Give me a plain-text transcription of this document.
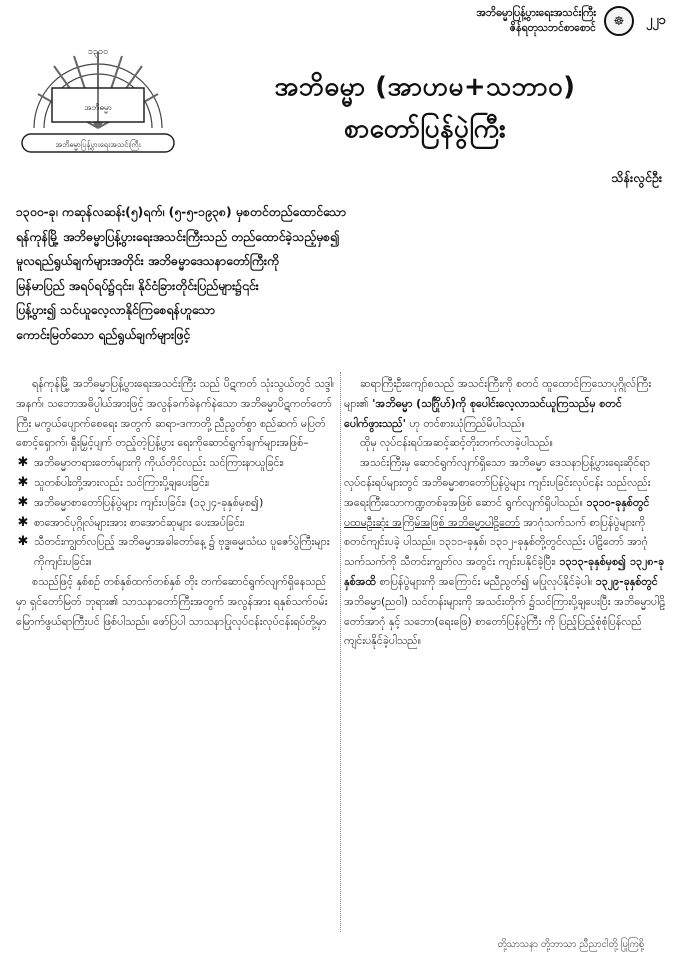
အဘိဓမ္မာပြန့်ပွားရေးအသင်းကြီး
ဇိန်ရတုသဘင်စာစောင်	☸	၂၂၁
၁၃၀၀
အဘိဓမ္မာ
အဘိဓမ္မာပြန့်ပွားရေးအသင်းကြီး
အဘိဓမ္မာ (အာဟမ+သဘာဝ)
စာတော်ပြန်ပွဲကြီး
သိန်းလွင်ဦး
၁၃၀၀-ခု၊ ကဆုန်လဆန်း(၅)ရက်၊ (၅-၅-၁၉၃၈) မှစတင်တည်ထောင်သော
ရန်ကုန်မြို့ အဘိဓမ္မာပြန့်ပွားရေးအသင်းကြီးသည် တည်ထောင်ခဲ့သည့်မှစ၍
မူလရည်ရွယ်ချက်များအတိုင်း အဘိဓမ္မာဒေသနာတော်ကြီးကို
မြန်မာပြည် အရပ်ရပ်၌၎င်း၊ နိုင်ငံခြားတိုင်းပြည်များ၌၎င်း
ပြန့်ပွား၍ သင်ယူလေ့လာနိုင်ကြစေရန်ဟူသော
ကောင်းမြတ်သော ရည်ရွယ်ချက်များဖြင့်

ရန်ကုန်မြို့ အဘိဓမ္မာပြန့်ပွားရေးအသင်းကြီး သည် ပိဋကတ် သုံးသွယ်တွင် သဒ္ဒါ၊ အနက်၊ သဘောအဓိပ္ပါယ်အားဖြင့် အလွန်ခက်ခဲနက်နဲသော အဘိဓမ္မာပိဋကတ်တော်ကြီး မကွယ်ပျောက်စေရေး အတွက် ဆရာ-ဒကာတို့ ညီညွတ်စွာ စည်ဆက် မပြတ် စောင့်ရှောက်၊ ရှီးမြှင့်ပျက် တည့်တဲ့ပြန့်ပွား ရေးကိုဆောင်ရွက်ချက်များအဖြစ်–

✱ အဘိဓမ္မာတရားတော်များကို ကိုယ်တိုင်လည်း သင်ကြားနာယူခြင်း၊
✱ သူတစ်ပါးတို့အားလည်း သင်ကြားပို့ချပေးခြင်း၊
✱ အဘိဓမ္မာစာတော်ပြန်ပွဲများ ကျင်းပခြင်း၊ (၁၃၂၄-ခုနှစ်မှစ၍)
✱ စာအောင်ပုဂ္ဂိုလ်များအား စာအောင်ဆုများ ပေးအပ်ခြင်း၊
✱ သီတင်းကျွတ်လပြည့် အဘိဓမ္မာအခါတော်နေ့ ၌ ဗုဒ္ဓ၊ဓမ္မ၊သံဃ ပူဇော်ပွဲကြီးများကိုကျင်းပခြင်း။

စသည်ဖြင့် နှစ်စဉ် တစ်နှစ်ထက်တစ်နှစ် တိုး တက်ဆောင်ရွက်လျက်ရှိနေသည်မှာ ရှင်တော်မြတ် ဘုရား၏ သာသနာတော်ကြီးအတွက် အလွန်အား ရနှစ်သက်ဝမ်း မြောက်ဖွယ်ရာကြီးပင် ဖြစ်ပါသည်။ ဖော်ပြပါ သာသနာပြုလုပ်ငန်းလုပ်ငန်းရပ်တို့မှာ

ဆရာကြီးဦးကျော်စသည် အသင်းကြီးကို စတင် ထူထောင်ကြသောပုဂ္ဂိုလ်ကြီးများ၏ 'အဘိဓမ္မာ (သင်္ဂြိုဟ်)ကို စုပေါင်းလေ့လာသင်ယူကြသည်မှ စတင်ပေါက်ဖွားသည်' ဟု တင်စားယုံကြည်မိပါသည်။

ထိုမှ လုပ်ငန်းရပ်အဆင့်ဆင့်တိုးတက်လာခဲ့ပါသည်။

အသင်းကြီးမှ ဆောင်ရွက်လျက်ရှိသော အဘိဓမ္မာ ဒေသနာပြန့်ပွားရေးဆိုင်ရာ လုပ်ငန်းရပ်များတွင် အဘိဓမ္မာစာတော်ပြန်ပွဲများ ကျင်းပခြင်းလုပ်ငန်း သည်လည်း အရေးကြီးသောကဏ္ဍတစ်ခုအဖြစ် ဆောင် ရွက်လျက်ရှိပါသည်။ ၁၃၁၀-ခုနှစ်တွင် ပထမဦးဆုံး အကြိမ်အဖြစ် အဘိဓမ္မာပါဠိတော် အာဂုံသက်သက် စာပြန်ပွဲများကို စတင်ကျင်းပခဲ့ ပါသည်။ ၁၃၁၁-ခုနှစ်၊ ၁၃၁၂-ခုနှစ်တို့တွင်လည်း ပါဠိတော် အာဂုံသက်သက်ကို သီတင်းကျွတ်လ အတွင်း ကျင်းပနိုင်ခဲ့ပြီး၊ ၁၃၁၃-ခုနှစ်မှစ၍ ၁၃၂၈-ခုနှစ်အထိ စာပြန်ပွဲများကို အကြောင်း မညီညွတ်၍ မပြုလုပ်နိုင်ခဲ့ပါ။ ၁၃၂၉-ခုနှစ်တွင် အဘိဓမ္မာ(ညဝါ) သင်တန်းများကို အသင်းတိုက် ၌သင်ကြားပို့ချပေးပြီး အဘိဓမ္မာပါဠိတော်အာဂုံ နှင့် သဘော(ရေးဖြေ) စာတော်ပြန်ပွဲကြီး ကို ပြည့်ပြည့်စုံစုံပြန်လည်ကျင်းပနိုင်ခဲ့ပါသည်။

တို့သာသနာ တို့ဘာသာ ညီညာငါတို့ ပြုကြစို့
